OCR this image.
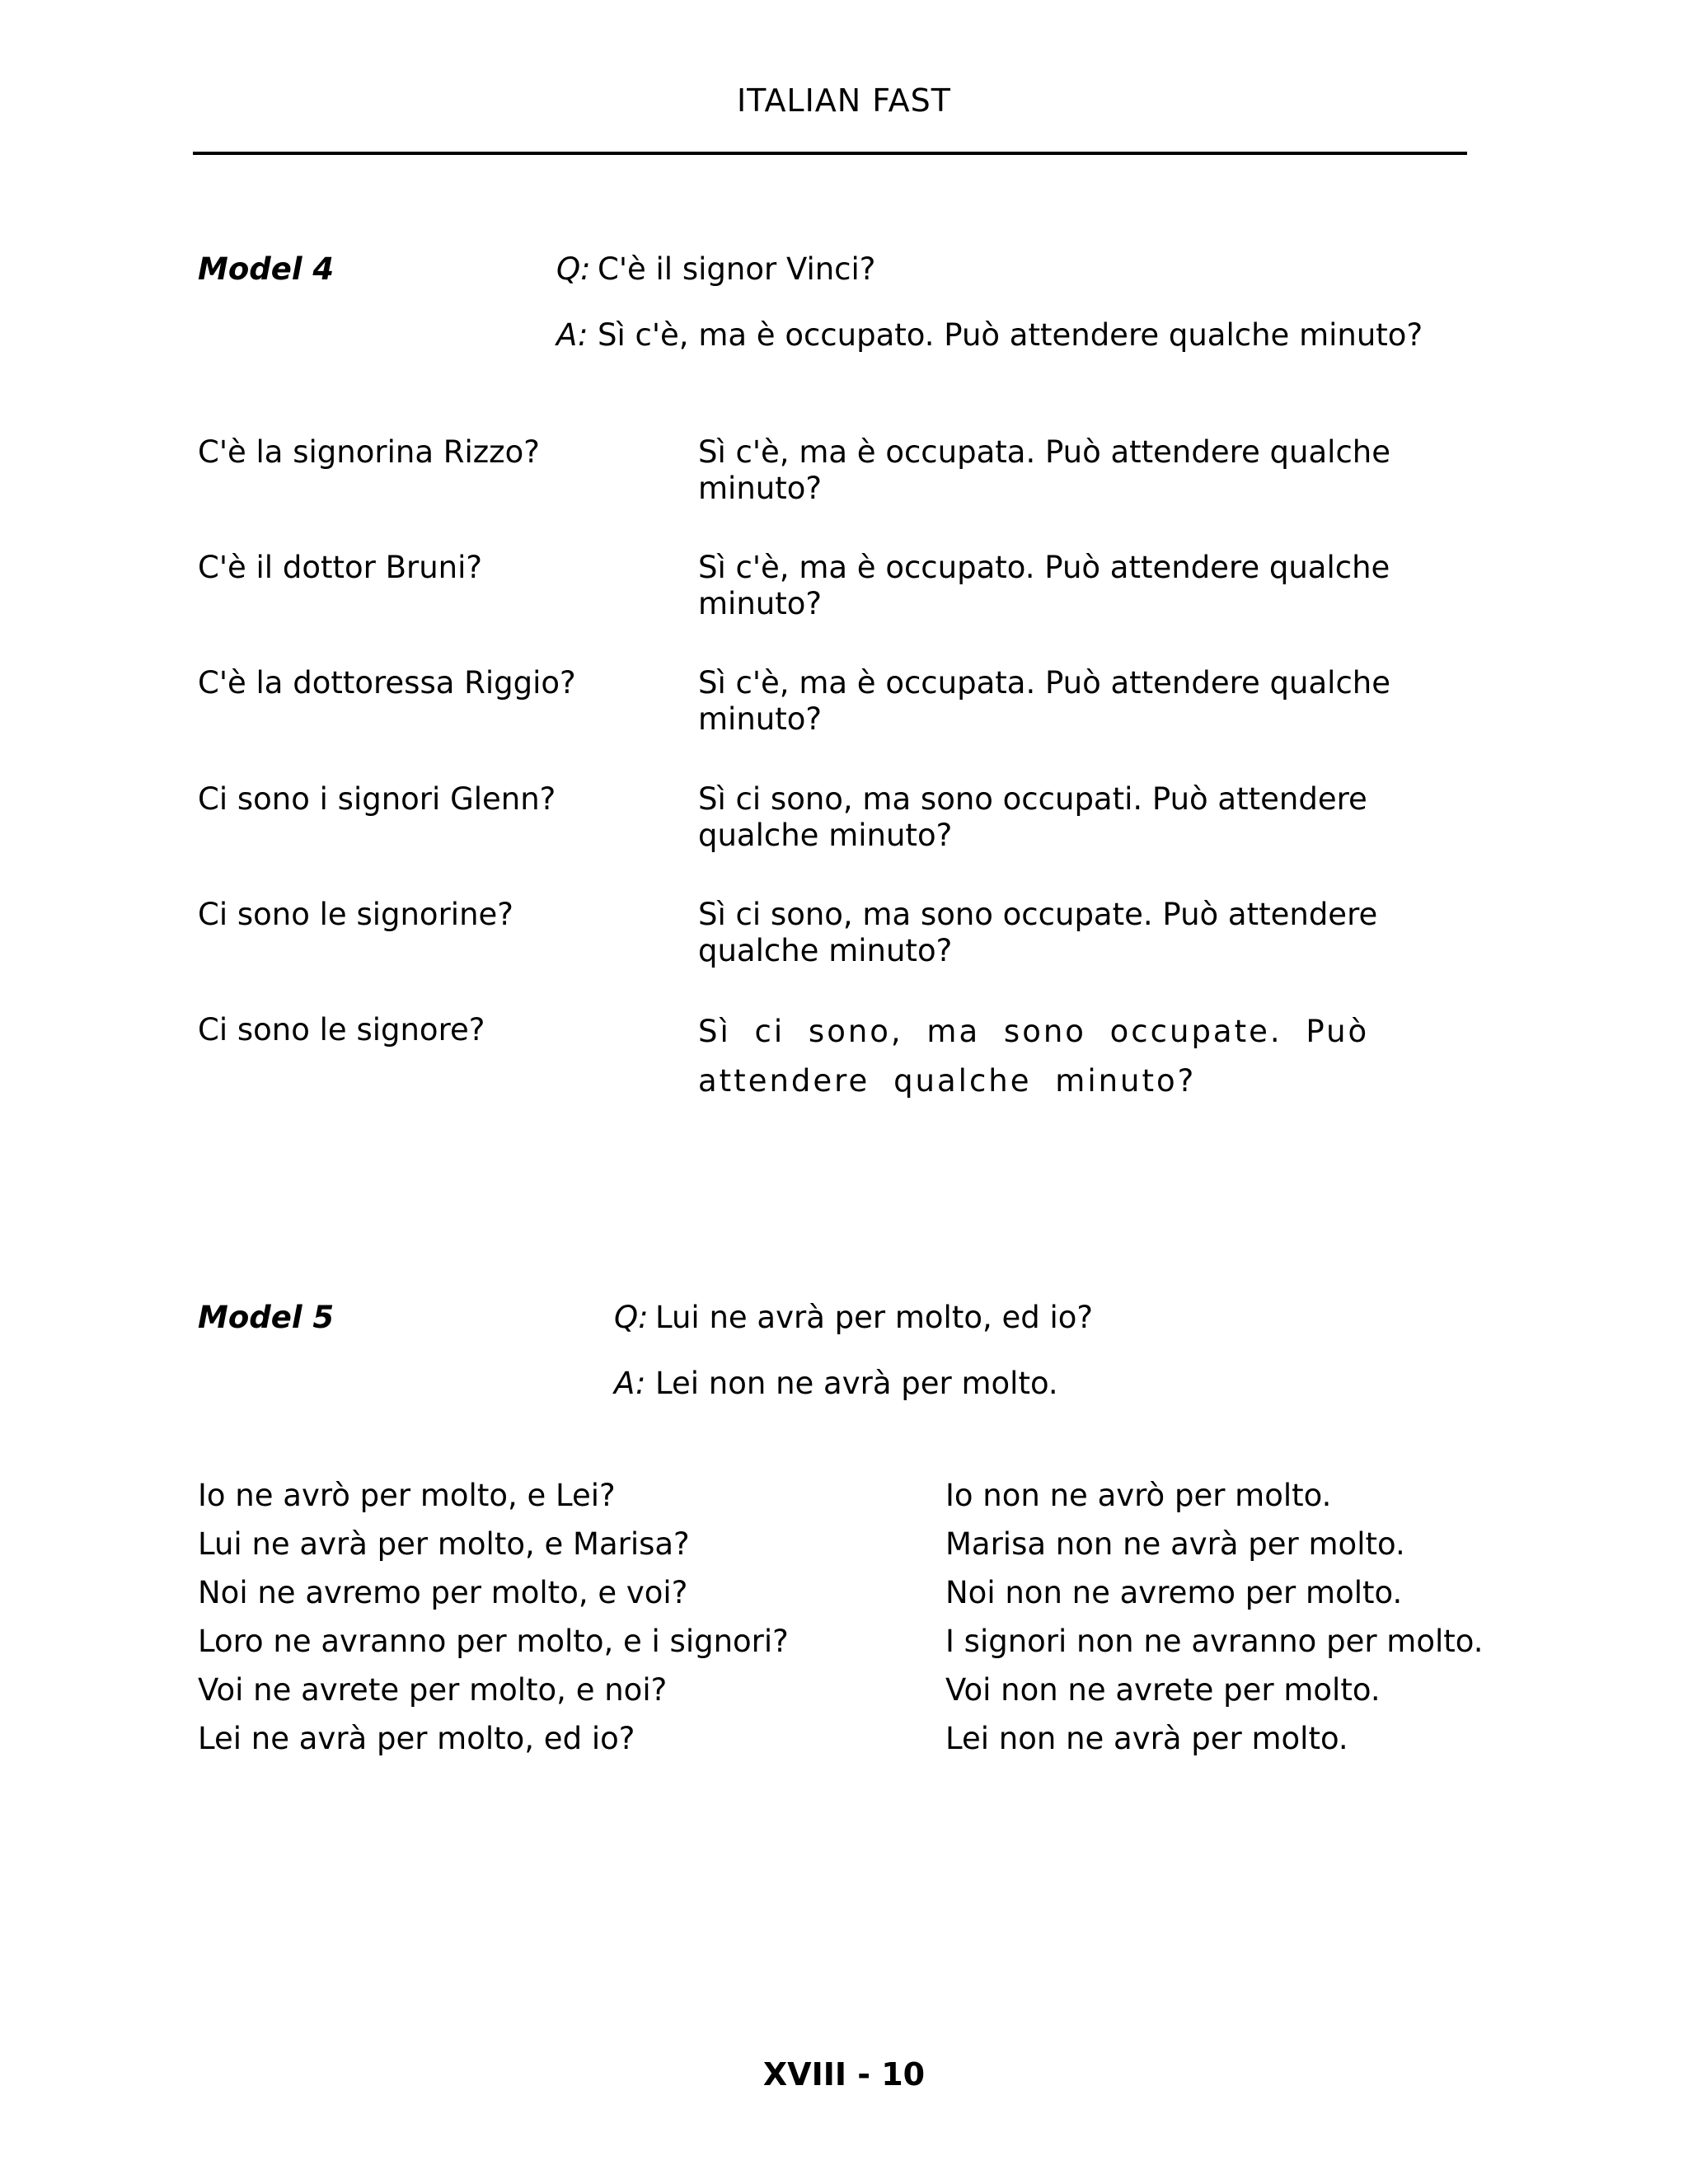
ITALIAN FAST
Model 4	Q: C'è il signor Vinci?
A: Sì c'è, ma è occupato. Può attendere qualche minuto?
C'è la signorina Rizzo?	Sì c'è, ma è occupata. Può attendere qualche minuto?
C'è il dottor Bruni?	Sì c'è, ma è occupato. Può attendere qualche minuto?
C'è la dottoressa Riggio?	Sì c'è, ma è occupata. Può attendere qualche minuto?
Ci sono i signori Glenn?	Sì ci sono, ma sono occupati. Può attendere qualche minuto?
Ci sono le signorine?	Sì ci sono, ma sono occupate. Può attendere qualche minuto?
Ci sono le signore?	Sì ci sono, ma sono occupate. Può attendere qualche minuto?
Model 5	Q: Lui ne avrà per molto, ed io?
A: Lei non ne avrà per molto.
Io ne avrò per molto, e Lei?	Io non ne avrò per molto.
Lui ne avrà per molto, e Marisa?	Marisa non ne avrà per molto.
Noi ne avremo per molto, e voi?	Noi non ne avremo per molto.
Loro ne avranno per molto, e i signori?	I signori non ne avranno per molto.
Voi ne avrete per molto, e noi?	Voi non ne avrete per molto.
Lei ne avrà per molto, ed io?	Lei non ne avrà per molto.
XVIII - 10
